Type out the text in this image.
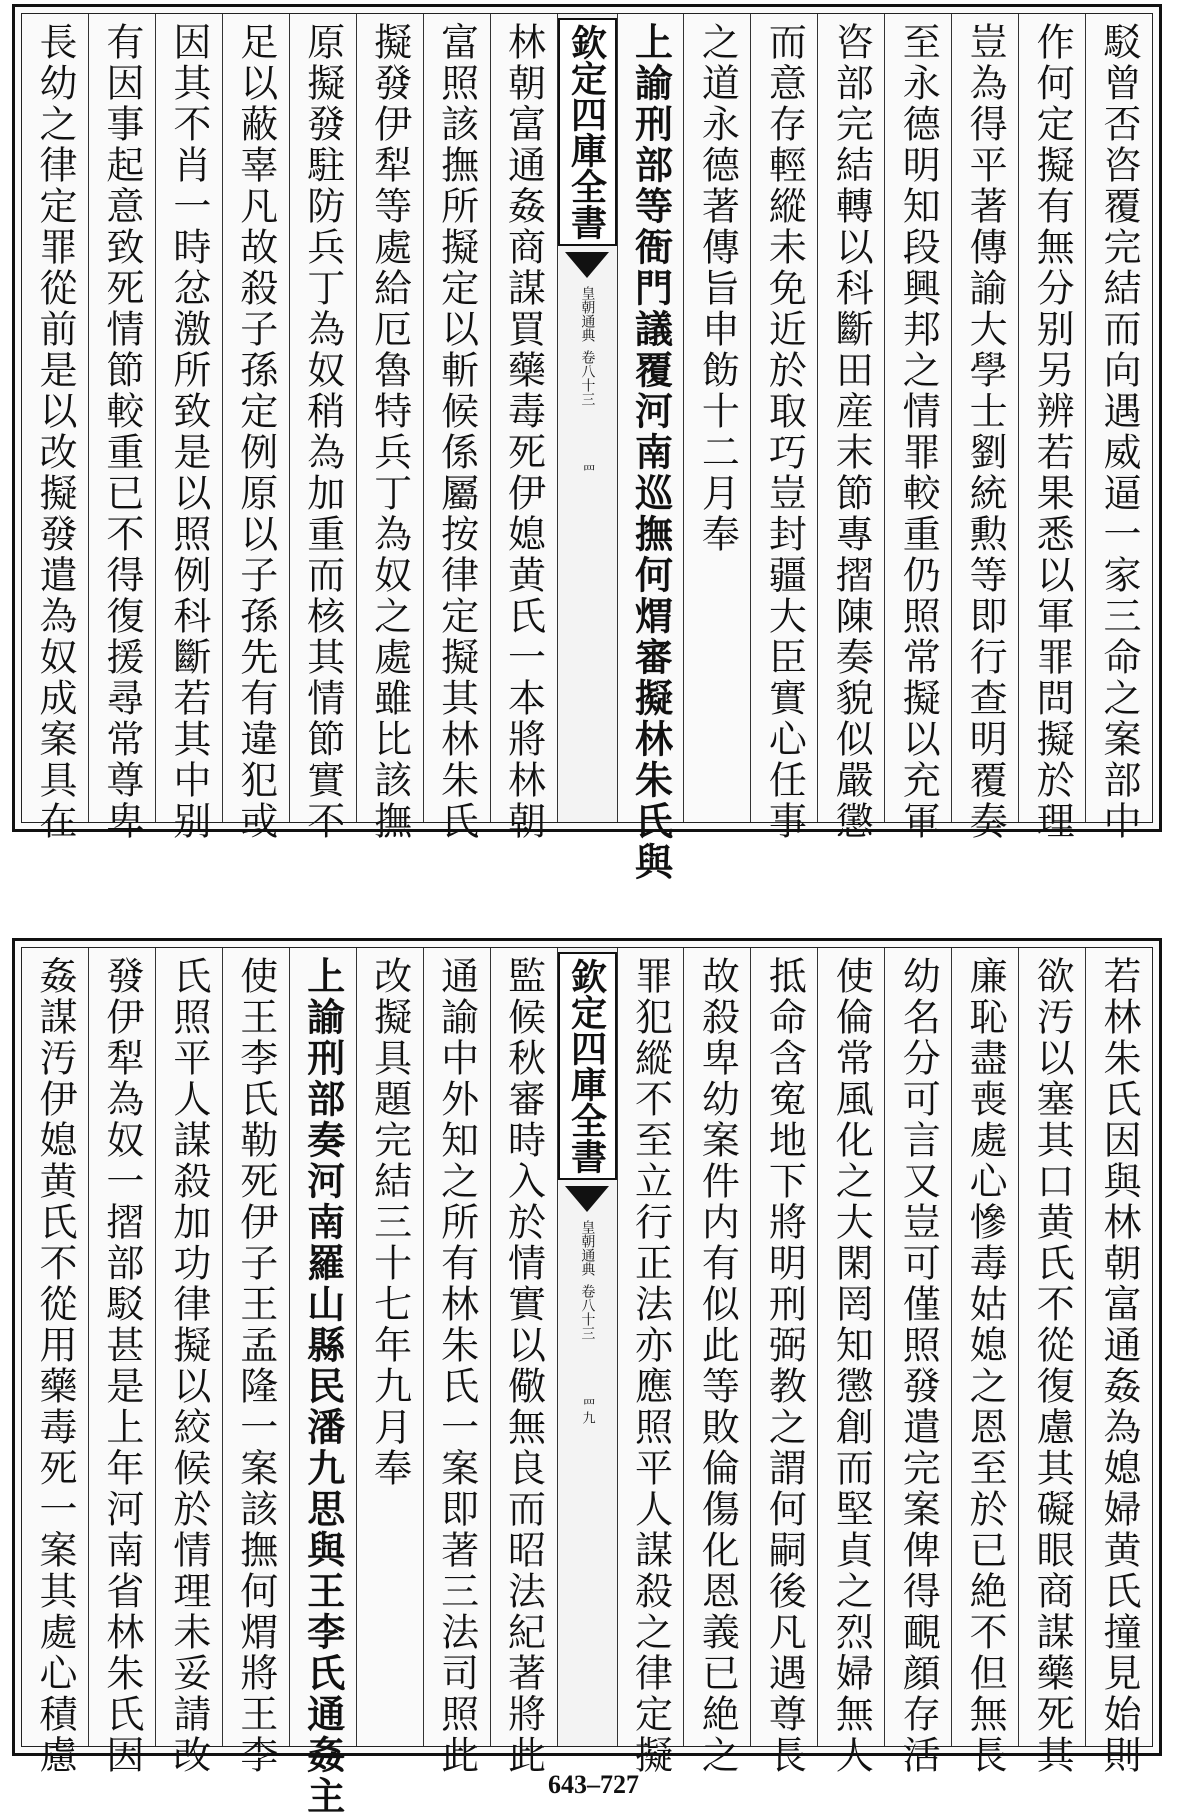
駁曾否咨覆完結而向遇威逼一家三命之案部中
作何定擬有無分别另辨若果悉以軍罪問擬於理
豈為得平著傳諭大學士劉統勲等即行查明覆奏
至永德明知段興邦之情罪較重仍照常擬以充軍
咨部完結轉以科斷田産末節專摺陳奏貌似嚴懲
而意存輕縱未免近於取巧豈封疆大臣實心任事
之道永德著傳旨申飭十二月奉
上諭刑部等衙門議覆河南巡撫何煟審擬林朱氏與
欽定四庫全書
皇朝通典
卷八十三
罒
林朝富通姦商謀買藥毒死伊媳黄氏一本將林朝
富照該撫所擬定以斬候係屬按律定擬其林朱氏
擬發伊犁等處給厄魯特兵丁為奴之處雖比該撫
原擬發駐防兵丁為奴稍為加重而核其情節實不
足以蔽辜凡故殺子孫定例原以子孫先有違犯或
因其不肖一時忿激所致是以照例科斷若其中别
有因事起意致死情節較重已不得復援尋常尊卑
長幼之律定罪從前是以改擬發遣為奴成案具在
若林朱氏因與林朝富通姦為媳婦黄氏撞見始則
欲汚以塞其口黄氏不從復慮其礙眼商謀藥死其
廉恥盡喪處心慘毒姑媳之恩至於已絶不但無長
幼名分可言又豈可僅照發遣完案俾得靦顔存活
使倫常風化之大閑罔知懲創而堅貞之烈婦無人
抵命含寃地下將明刑弼教之謂何嗣後凡遇尊長
故殺卑幼案件内有似此等敗倫傷化恩義已絶之
罪犯縱不至立行正法亦應照平人謀殺之律定擬
欽定四庫全書
皇朝通典
卷八十三
罒九
監候秋審時入於情實以儆無良而昭法紀著將此
通諭中外知之所有林朱氏一案即著三法司照此
改擬具題完結三十七年九月奉
上諭刑部奏河南羅山縣民潘九思與王李氏通姦主
使王李氏勒死伊子王孟隆一案該撫何煟將王李
氏照平人謀殺加功律擬以絞候於情理未妥請改
發伊犁為奴一摺部駁甚是上年河南省林朱氏因
姦謀汚伊媳黄氏不從用藥毒死一案其處心積慮
643–727
